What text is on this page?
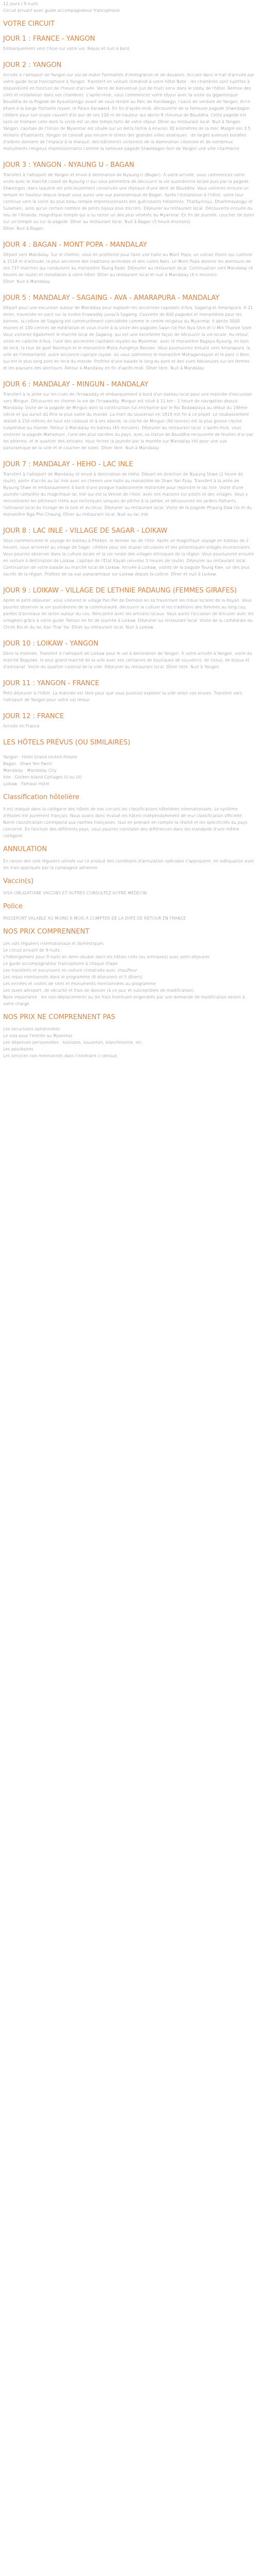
12 jours / 9 nuits

Circuit privatif avec guide accompagnateur francophone.

VOTRE CIRCUIT
JOUR 1 : FRANCE - YANGON

Embarquement vers l'Asie sur votre vol. Repas et nuit à bord.

JOUR 2 : YANGON

Arrivée à l'aéroport de Yangon sur vol de matin Formalités d'immigration et de douanes. Accueil dans le hall d'arrivée par votre guide local francophone à Yangon. Transfert en voiture climatisé à votre hôtel Note : les chambres sont sujettes à disponibilité en fonction de l'heure d'arrivée. Verre de bienvenue (jus de fruit) servi dans le lobby de l'hôtel. Remise des clefs et installation dans vos chambres. L'après-midi, vous commencez votre séjour avec la visite du gigantesque Bouddha de la Pagode de Kyauktahtgyi avant de vous rendre au Parc de Kandawgyi, l'oasis de verdure de Yangon, écrin phare à la barge flottante royale, le Palais Karaweik. En fin d'après-midi, découverte de la fameuse pagode Shwedagon célèbre pour son stupa couvert d'or pur de ses 100 m de hauteur qui abrite 8 cheveux de Bouddha. Cette pagode est sans se tromper celle dont la visite est un des temps forts de votre séjour. Dîner au restaurant local. Nuit à Yangon.

Yangon, capitale de l'Union de Myanmar est située sur un delta fertile à environ 30 kilomètres de la mer. Malgré ses 3,5 millions d'habitants, Yangon se connaît pas encore le stress des grandes villes asiatiques : de larges avenues bordées d'arbres donnent de l'espace à la marque, des bâtiments victoriens de la domination coloniale et de nombreux monuments religieux impressionnants comme la fameuse pagode Shwedagon font de Yangon une ville charmante.

JOUR 3 : YANGON - NYAUNG U - BAGAN

Transfert à l'aéroport de Yangon et envol à destination de Nyaung U (Bagan). À votre arrivée, vous commencez votre visite avec le marché coloré de Nyaung U qui vous permettra de découvrir la vie quotidienne locale puis par la pagode Shwezigon, dans laquelle est précieusement conservée une réplique d'une dent de Bouddha. Vous visiterez ensuite un temple en hauteur depuis lequel vous aurez une vue panoramique de Bagan. Après l'installation à l'hôtel, votre tour continue vers la visite du plus beau temple impressionnants des guérissants Hitlominlo, Thatbyinnyu, Dhammayangyi et Sulamani, ainsi qu'un certain nombre de petits bijoux plus discrets. Déjeuner au restaurant local. Découverte ensuite du lieu de l'Ananda, magnifique temple qui a su rester un des plus vénérés du Myanmar. En fin de journée, coucher de soleil sur un temple ou sur la pagode. Dîner au restaurant local. Nuit à Bagan (3 heure environs).

Dîner. Nuit à Bagan.

JOUR 4 : BAGAN - MONT POPA - MANDALAY

Départ vers Mandalay. Sur le chemin, vous en profiterez pour faire une halte au Mont Popa, un volcan éteint qui culmine à 1518 m d'altitude, la plus ancienne des traditions animistes et des cultes Nats. Le Mont Popa domine les alentours de ses 737 marches qui conduisent au monastère Taung Kalat. Déjeuner au restaurant local. Continuation vers Mandalay (4 heures de route) et installation à votre hôtel. Dîner au restaurant local et nuit à Mandalay (4 h environ).

Dîner. Nuit à Mandalay.

JOUR 5 : MANDALAY - SAGAING - AVA - AMARAPURA - MANDALAY

Départ pour une excursion autour de Mandalay pour explorer les anciennes capitales d'Ava, Sagaing et Amarapura. À 21 miles, traversée en pont sur la rivière Irrawaddy jusqu'à Sagaing. Couverte de 600 pagodes et monastères pour les bonnes, la colline de Sagaing est communément considérée comme le centre religieux du Myanmar. Il abrite 3000 moines et 100 centres de méditation et vous invite à la visite des pagodes Swan Oo Pon Nya Shin et U Min Thonze Seze. Vous visiterez également le marché local de Sagaing, qui est une excellente façon de découvrir la vie locale. Au retour, visite en calèche d'Ava, l'une des anciennes capitales royales du Myanmar, avec le monastère Bagaya Kyaung, en bois de teck, la tour de guet Nanmyin et le monastère Maha Aungmye Bonzan. Vous poursuivrez ensuite vers Amarapura, la ville de l'immortalité, autre ancienne capitale royale, où vous admirerez le monastère Mahagandayon et le pont U Bein, qui est le plus long pont en teck du monde. Profitez d'une balade le long du pont et des vues fabuleuses sur les fermes et les paysans des alentours. Retour à Mandalay en fin d'après-midi. Dîner libre. Nuit à Mandalay.

JOUR 6 : MANDALAY - MINGUN - MANDALAY

Transfert à la jetée sur les rives de l'Irrawaddy et embarquement à bord d'un bateau local pour une matinée d'excursion vers Mingun. Découvrez en chemin la vie de l'Irrawaddy. Mingun est situé à 11 km - 1 heure de navigation depuis Mandalay. Visite de la pagode de Mingun dont la construction fut entreprise par le Roi Bodawpaya au début du 19ème siècle et qui aurait dû être la plus vaste du monde. La mort du souverain en 1819 mit fin à ce projet. Le soubassement réalisé à 150 mètres de haut est colossal et à ses abords, la cloche de Mingun (90 tonnes) est la plus grosse cloche suspendue au monde. Retour à Mandalay en bateau (45 minutes). Déjeuner au restaurant local. L'après-midi, vous visiterez la pagode Mahamuni, l'une des plus sacrées du pays, avec sa statue de Bouddha recouverte de feuilles d'or par les pèlerins, et le quartier des artisans. Vous finirez la journée par la montée sur Mandalay Hill pour une vue panoramique de la ville et le coucher de soleil. Dîner libre. Nuit à Mandalay.

JOUR 7 : MANDALAY - HEHO - LAC INLE

Transfert à l'aéroport de Mandalay et envol à destination de Heho. Départ en direction de Nyaung Shwe (1 heure de route), porte d'accès au lac Inle avec en chemin une halte au monastère de Shwe Yan Pyay. Transfert à la jetée de Nyaung Shwe et embarquement à bord d'une pirogue traditionnelle motorisée pour rejoindre le lac Inle. Visite d'une journée complète du magnifique lac Inle qui est la Venise de l'Asie, avec ses maisons sur pilotis et des villages. Vous y rencontrerez les pêcheurs Intha aux techniques uniques de pêche à la jambe, et découvrirez les jardins flottants, l'artisanat local du tissage de la soie et du lotus. Déjeuner au restaurant local. Visite de la pagode Phaung Daw Oo et du monastère Nga Phe Chaung. Dîner au restaurant local. Nuit au lac Inle.

JOUR 8 : LAC INLE - VILLAGE DE SAGAR - LOIKAW

Vous commencerez le voyage en bateau à Phekon, le dernier lac de l'Inle. Après un magnifique voyage en bateau de 2 heures, vous arriverez au village de Sagar, célèbre pour ses stupas séculaires et ses pittoresques villages environnants. Vous pourrez observer dans la culture locale et la vie rurale des villages ethniques de la région. Vous poursuivrez ensuite en voiture à destination de Loikaw, capitale de l'État Kayah (environ 3 heures de route). Déjeuner au restaurant local. Continuation de votre balade au marché local de Loikaw. Arrivée à Loikaw, visitez de la pagode Taung Kwe, un des plus sacrés de la région. Profitez de sa vue panoramique sur Loikaw depuis la colline. Dîner et nuit à Loikaw.

JOUR 9 : LOIKAW - VILLAGE DE LETHNIE PADAUNG (FEMMES GIRAFES)

Après le petit-déjeuner, vous visiterez le village Pan Pet de Demoso en sa traversant les tribus locales de la Kayah. Vous pourrez observer la vie quotidienne de la communauté, découvrir la culture et les traditions des femmes au long cou, parées d'anneaux de laiton autour du cou. Rencontre avec les artisans locaux. Vous aurez l'occasion de discuter avec les villageois grâce à votre guide. Retour en fin de journée à Loikaw. Déjeuner au restaurant local. Visite de la cathédrale du Christ Roi et du lac Kan Thar Yar. Dîner au restaurant local. Nuit à Loikaw.

JOUR 10 : LOIKAW - YANGON

Dans la matinée, Transfert à l'aéroport de Loikaw pour le vol à destination de Yangon. À votre arrivée à Yangon, visite du marché Bogyoke, le plus grand marché de la ville avec ses centaines de boutiques de souvenirs, de tissus, de bijoux et d'artisanat. Visite du quartier colonial de la ville. Déjeuner au restaurant local. Dîner libre. Nuit à Yangon.

JOUR 11 : YANGON - FRANCE

Petit-déjeuner à l'hôtel. La matinée est libre pour que vous puissiez explorer la ville selon vos envies. Transfert vers l'aéroport de Yangon pour votre vol retour.

JOUR 12 : FRANCE

Arrivée en France.

LES HÔTELS PRÉVUS (OU SIMILAIRES)

Yangon : Hotel Grand United Ahlone

Bagan : Shwe Yee Pwint

Mandalay : Mandalay City

Inle : Golden Island Cottages (I) ou (II)

Loikaw : Famous Hotel

Classification hôtelière

Il est indiqué dans la catégorie des hôtels de nos circuits les classifications hôtelières internationales. Le système d'étoiles est purement français. Nous avons donc évalué les hôtels indépendamment de leur classification officielle. Notre classification correspond aux normes françaises, tout en prenant en compte la réalité et les spécificités du pays concerné. En fonction des différents pays, vous pourrez constater des différences dans les standards d'une même catégorie.

ANNULATION

En raison des vols réguliers utilisés sur ce produit des conditions d'annulation spéciales s'appliquent, en adéquation avec les frais appliqués par la compagnie aérienne.

Vaccin(s)

VISA OBLIGATOIRE VACCINS ET AUTRES CONSULTEZ VOTRE MÉDECIN

Police

PASSEPORT VALABLE AU MOINS 6 MOIS À COMPTER DE LA DATE DE RETOUR EN FRANCE

NOS PRIX COMPRENNENT

Les vols réguliers internationaux et domestiques

Le circuit privatif de 9 nuits

L'hébergement pour 9 nuits en demi-double dans les hôtels cités (ou similaires) avec petit-déjeuner

Le guide accompagnateur francophone à chaque étape

Les transferts et excursions en voiture climatisée avec chauffeur

Les repas mentionnés dans le programme (8 déjeuners et 5 dîners)

Les entrées et visites de sites et monuments mentionnées au programme

Les taxes aéroport, de sécurité et frais de dossier (à ce jour et susceptibles de modification)

Note importante : les non-déplacements ou les frais éventuels engendrés par une demande de modification seront à votre charge

NOS PRIX NE COMPRENNENT PAS

Les excursions optionnelles

Le visa pour l'entrée au Myanmar

Les dépenses personnelles : boissons, souvenirs, blanchisserie, etc.

Les pourboires

Les services non mentionnés dans l'itinéraire ci-dessus
